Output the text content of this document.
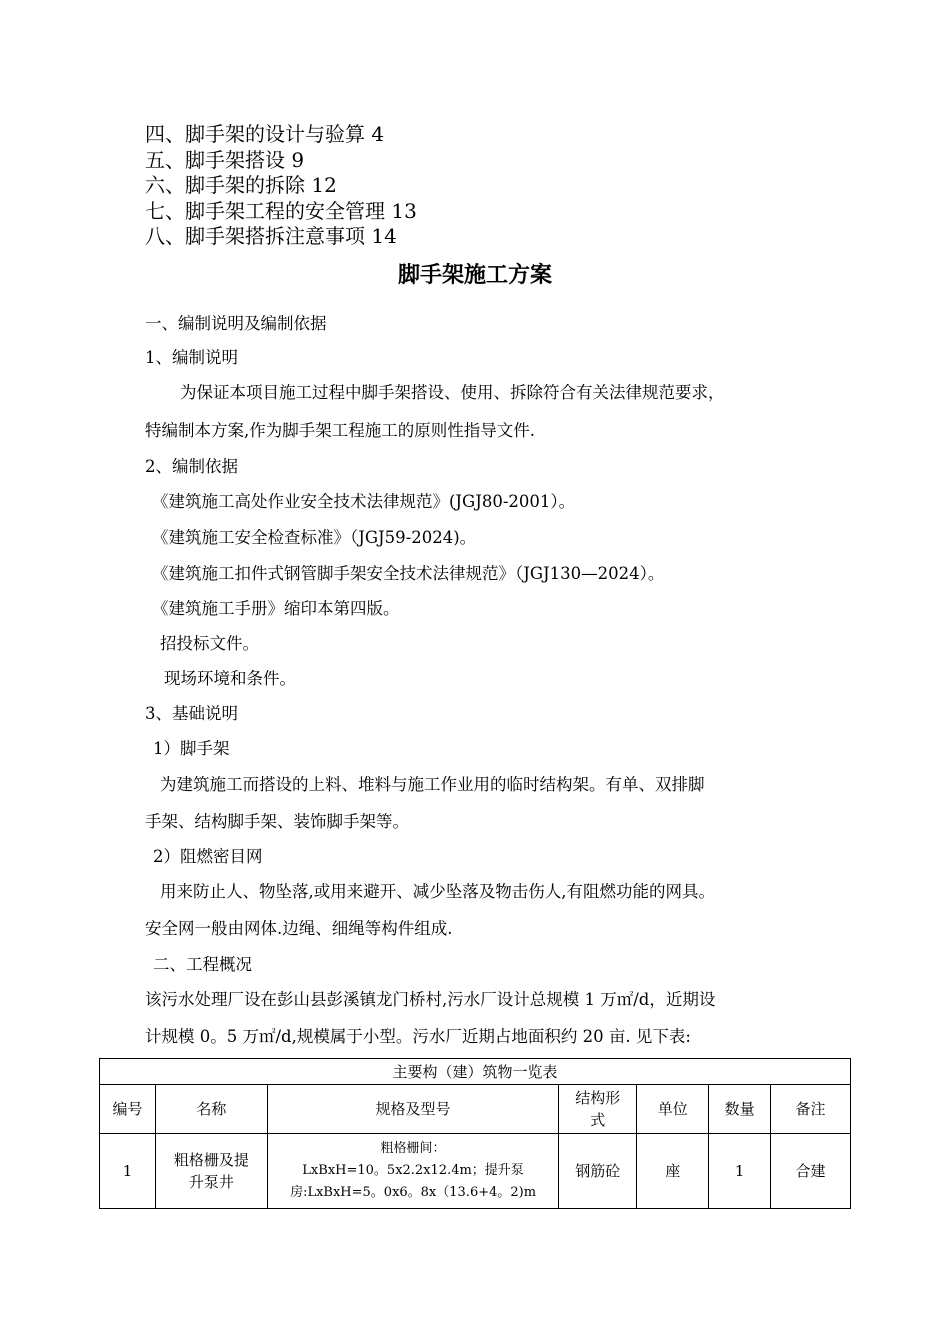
四、脚手架的设计与验算 4
五、脚手架搭设 9
六、脚手架的拆除 12
七、脚手架工程的安全管理 13
八、脚手架搭拆注意事项 14
脚手架施工方案
一、编制说明及编制依据
1、编制说明
为保证本项目施工过程中脚手架搭设、使用、拆除符合有关法律规范要求，
特编制本方案,作为脚手架工程施工的原则性指导文件.
2、编制依据
《建筑施工高处作业安全技术法律规范》(JGJ80-2001）。
《建筑施工安全检查标准》（JGJ59-2024)。
《建筑施工扣件式钢管脚手架安全技术法律规范》（JGJ130—2024）。
《建筑施工手册》缩印本第四版。
招投标文件。
现场环境和条件。
3、基础说明
1）脚手架
为建筑施工而搭设的上料、堆料与施工作业用的临时结构架。有单、双排脚
手架、结构脚手架、装饰脚手架等。
2）阻燃密目网
用来防止人、物坠落,或用来避开、减少坠落及物击伤人,有阻燃功能的网具。
安全网一般由网体.边绳、细绳等构件组成.
二、工程概况
该污水处理厂设在彭山县彭溪镇龙门桥村,污水厂设计总规模 1 万㎡/d，近期设
计规模 0。5 万㎡/d,规模属于小型。污水厂近期占地面积约 20 亩. 见下表:
主要构（建）筑物一览表						
编号	名称	规格及型号	结构形式	单位	数量	备注
1	粗格栅及提升泵井	粗格栅间：
LxBxH=10。5x2.2x12.4m；提升泵
房:LxBxH=5。0x6。8x（13.6+4。2)m	钢筋砼	座	1	合建
